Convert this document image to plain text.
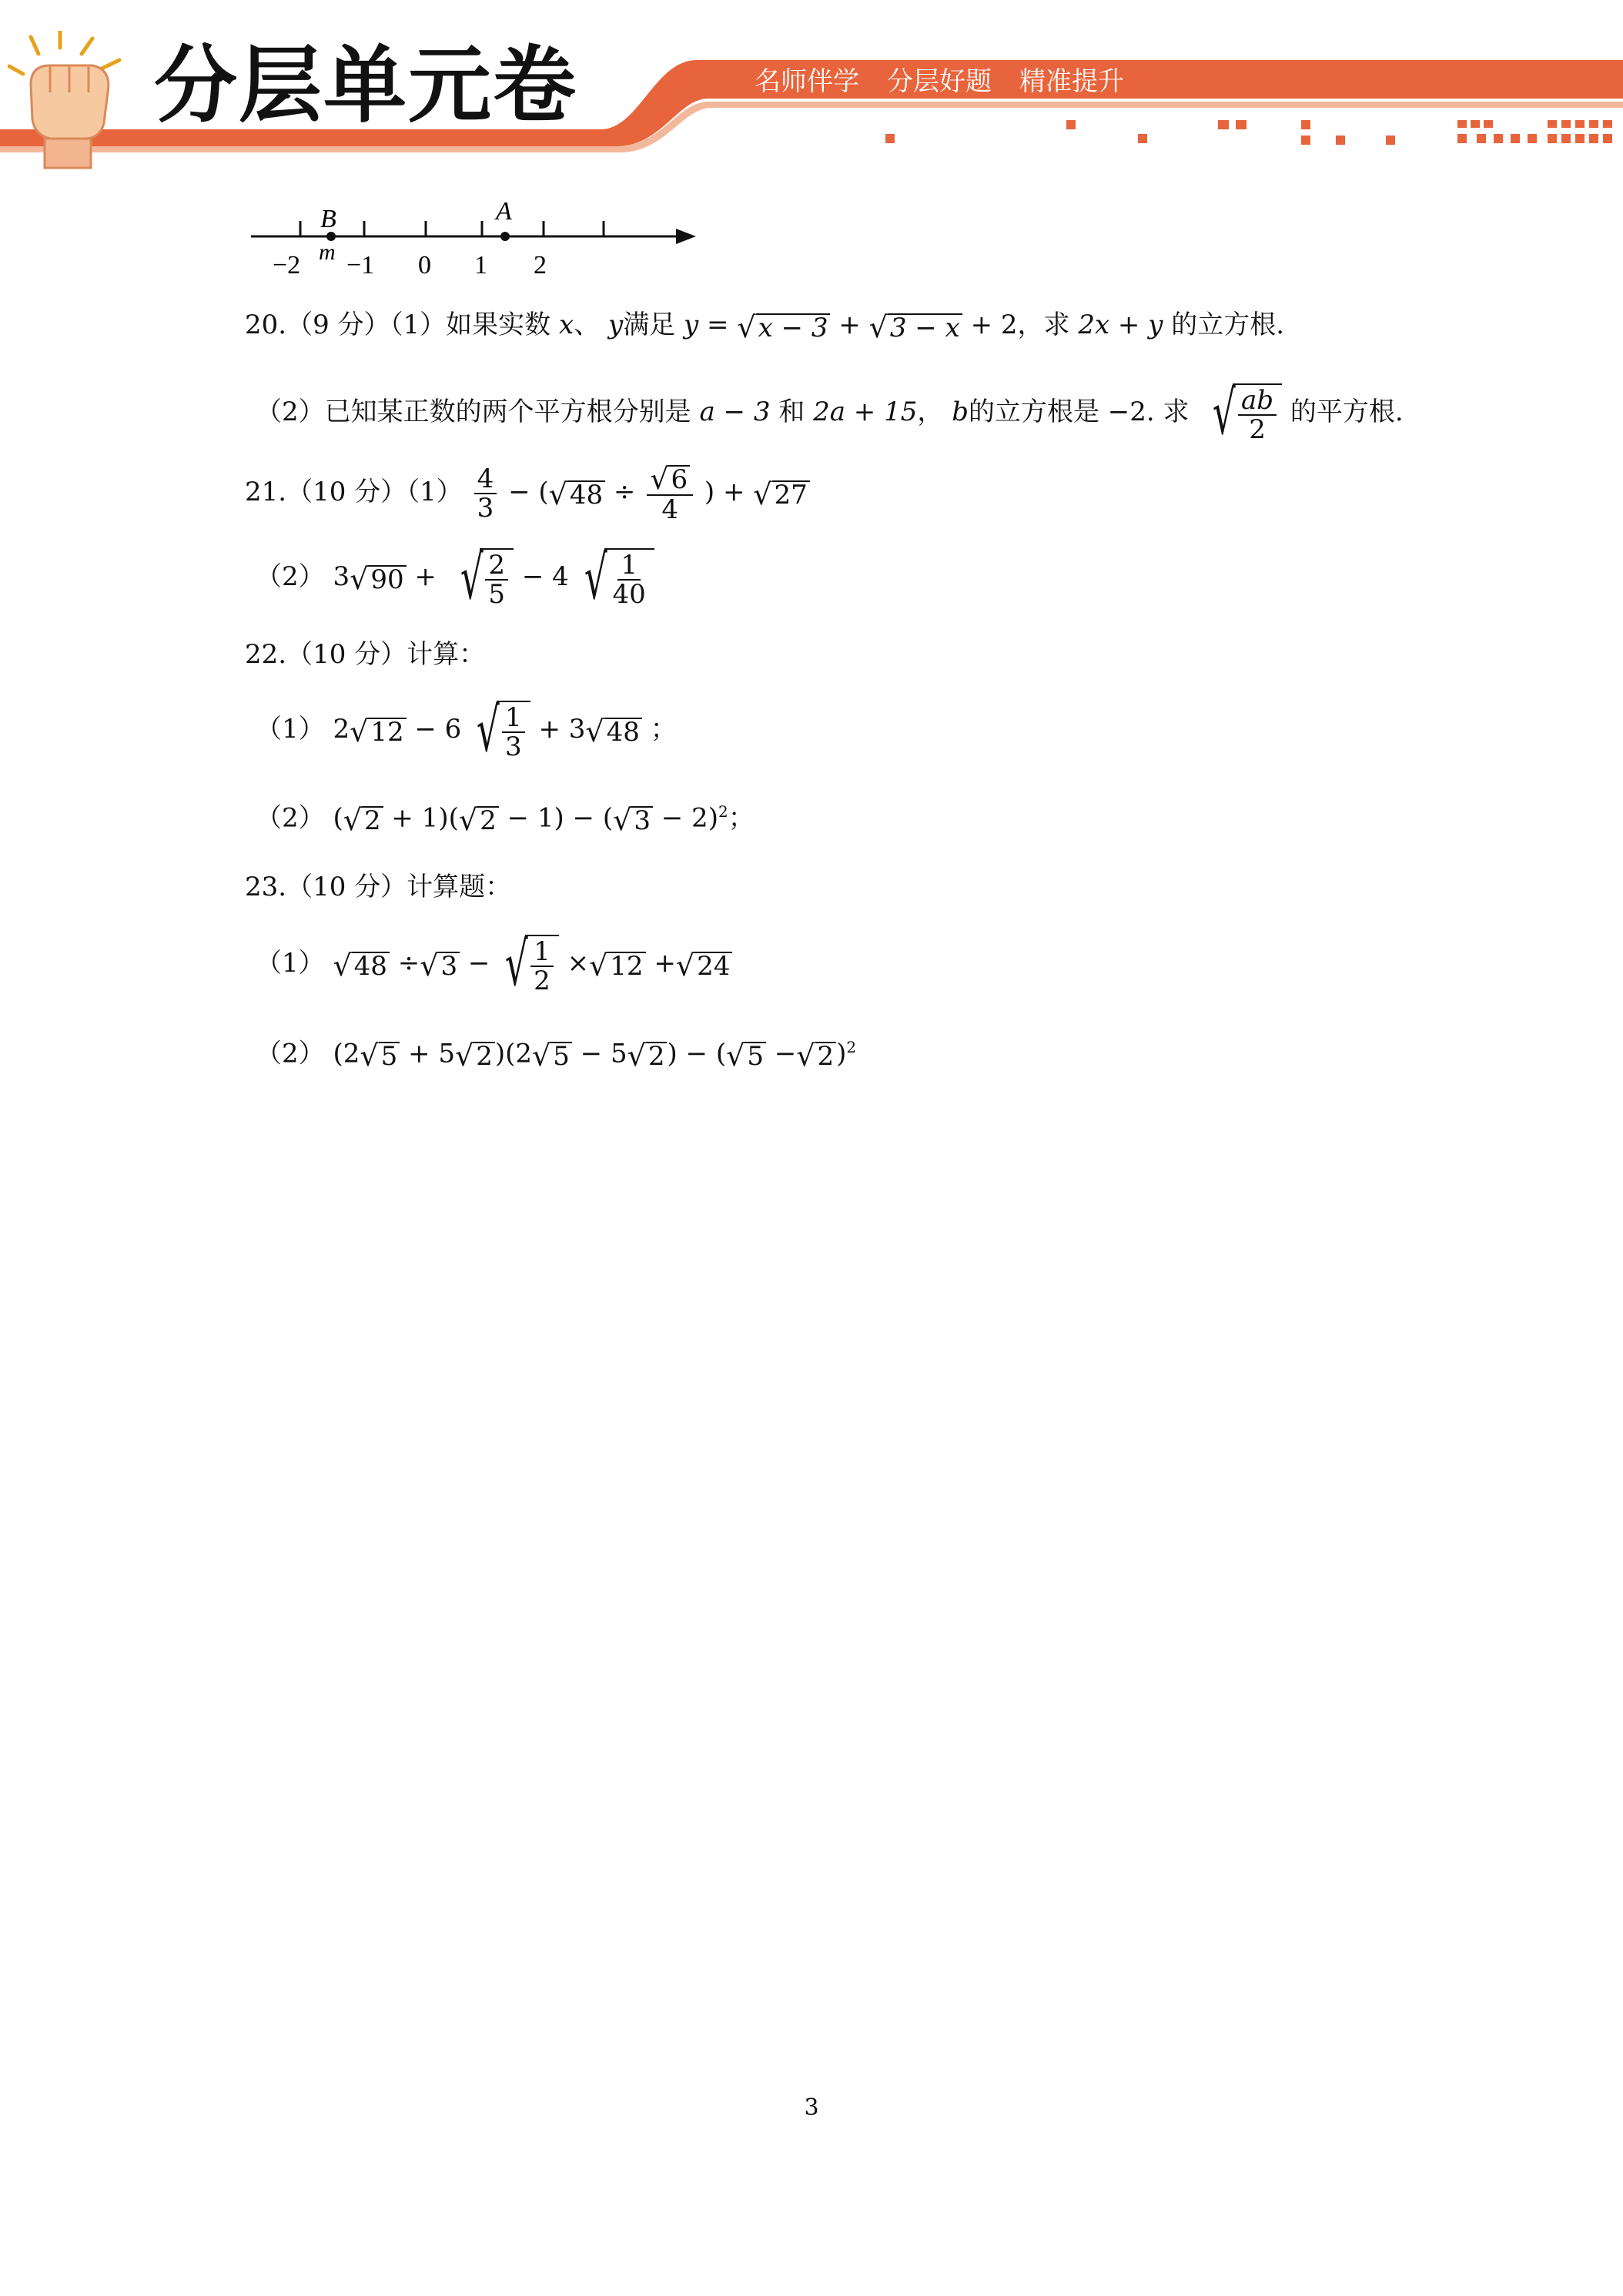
分层单元卷	名师伴学 分层好题 精准提升
B	A
m
−2 −1 0 1 2
20.（9 分）（1）如果实数 x、 y满足 y = √x − 3 + √3 − x + 2，求 2x + y 的立方根.
（2）已知某正数的两个平方根分别是 a − 3 和 2a + 15， b的立方根是 −2. 求 √ $\frac{ab}{2}$ 的平方根.
21.（10 分）$(1) \frac{4}{3} - (√48 \div \frac{√6}{4}$ ) + √27
（2） 3√90 + √ $\frac{2}{5} - 4$ √ $\frac{1}{40}$
22.（10 分）计算：
（1） 2√12 − 6 √ $\frac{1}{3} + 3√48$ ；
（2） $(√2 + 1)(√2 - 1) - (√3 - 2)^2$；
23.（10 分）计算题：
（1） √48 ÷√3 − √ $\frac{1}{2} \times√12 +√24$
（2） $(2√5 + 5√2)(2√5 - 5√2) - (√5 -√2)^2$
3
